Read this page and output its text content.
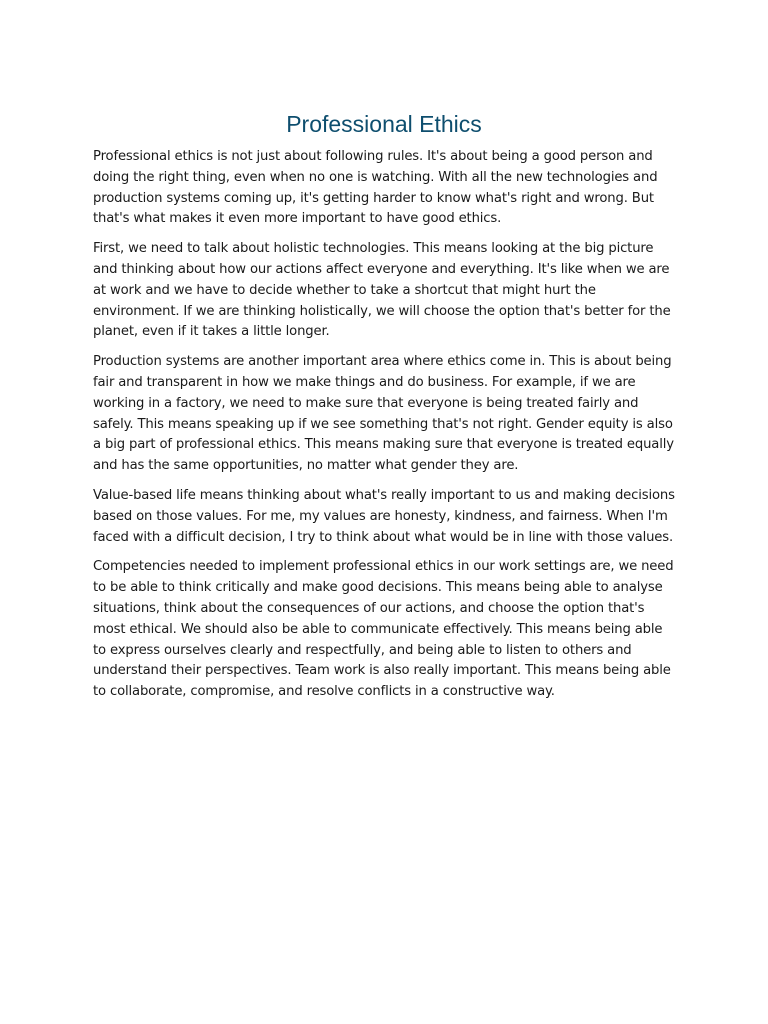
Professional Ethics

Professional ethics is not just about following rules. It's about being a good person and doing the right thing, even when no one is watching. With all the new technologies and production systems coming up, it's getting harder to know what's right and wrong. But that's what makes it even more important to have good ethics.

First, we need to talk about holistic technologies. This means looking at the big picture and thinking about how our actions affect everyone and everything. It's like when we are at work and we have to decide whether to take a shortcut that might hurt the environment. If we are thinking holistically, we will choose the option that's better for the planet, even if it takes a little longer.

Production systems are another important area where ethics come in. This is about being fair and transparent in how we make things and do business. For example, if we are working in a factory, we need to make sure that everyone is being treated fairly and safely. This means speaking up if we see something that's not right. Gender equity is also a big part of professional ethics. This means making sure that everyone is treated equally and has the same opportunities, no matter what gender they are.

Value-based life means thinking about what's really important to us and making decisions based on those values. For me, my values are honesty, kindness, and fairness. When I'm faced with a difficult decision, I try to think about what would be in line with those values.

Competencies needed to implement professional ethics in our work settings are, we need to be able to think critically and make good decisions. This means being able to analyse situations, think about the consequences of our actions, and choose the option that's most ethical. We should also be able to communicate effectively. This means being able to express ourselves clearly and respectfully, and being able to listen to others and understand their perspectives. Team work is also really important. This means being able to collaborate, compromise, and resolve conflicts in a constructive way.
